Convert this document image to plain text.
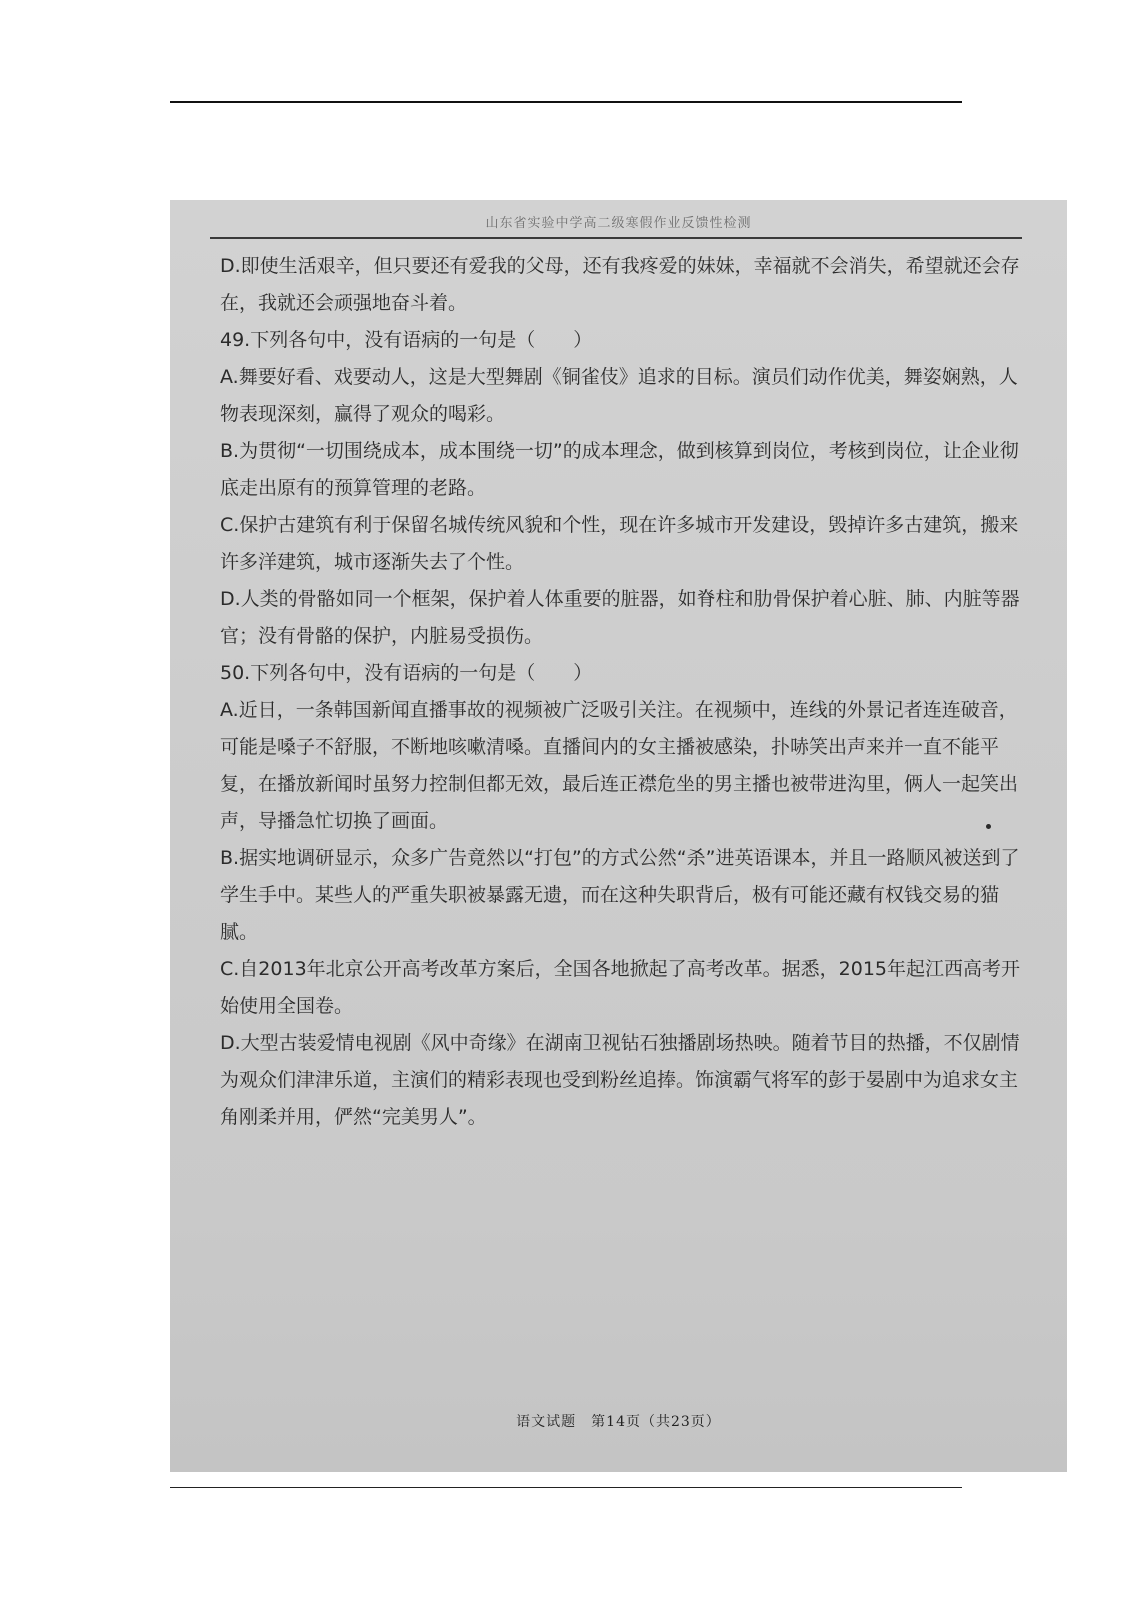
山东省实验中学高二级寒假作业反馈性检测

D.即使生活艰辛，但只要还有爱我的父母，还有我疼爱的妹妹，幸福就不会消失，希望就还会存在，我就还会顽强地奋斗着。

49.下列各句中，没有语病的一句是（　　）

A.舞要好看、戏要动人，这是大型舞剧《铜雀伎》追求的目标。演员们动作优美，舞姿娴熟，人物表现深刻，赢得了观众的喝彩。

B.为贯彻“一切围绕成本，成本围绕一切”的成本理念，做到核算到岗位，考核到岗位，让企业彻底走出原有的预算管理的老路。

C.保护古建筑有利于保留名城传统风貌和个性，现在许多城市开发建设，毁掉许多古建筑，搬来许多洋建筑，城市逐渐失去了个性。

D.人类的骨骼如同一个框架，保护着人体重要的脏器，如脊柱和肋骨保护着心脏、肺、内脏等器官；没有骨骼的保护，内脏易受损伤。

50.下列各句中，没有语病的一句是（　　）

A.近日，一条韩国新闻直播事故的视频被广泛吸引关注。在视频中，连线的外景记者连连破音，可能是嗓子不舒服，不断地咳嗽清嗓。直播间内的女主播被感染，扑哧笑出声来并一直不能平复，在播放新闻时虽努力控制但都无效，最后连正襟危坐的男主播也被带进沟里，俩人一起笑出声，导播急忙切换了画面。

B.据实地调研显示，众多广告竟然以“打包”的方式公然“杀”进英语课本，并且一路顺风被送到了学生手中。某些人的严重失职被暴露无遗，而在这种失职背后，极有可能还藏有权钱交易的猫腻。

C.自2013年北京公开高考改革方案后，全国各地掀起了高考改革。据悉，2015年起江西高考开始使用全国卷。

D.大型古装爱情电视剧《风中奇缘》在湖南卫视钻石独播剧场热映。随着节目的热播，不仅剧情为观众们津津乐道，主演们的精彩表现也受到粉丝追捧。饰演霸气将军的彭于晏剧中为追求女主角刚柔并用，俨然“完美男人”。

语文试题　第14页（共23页）
